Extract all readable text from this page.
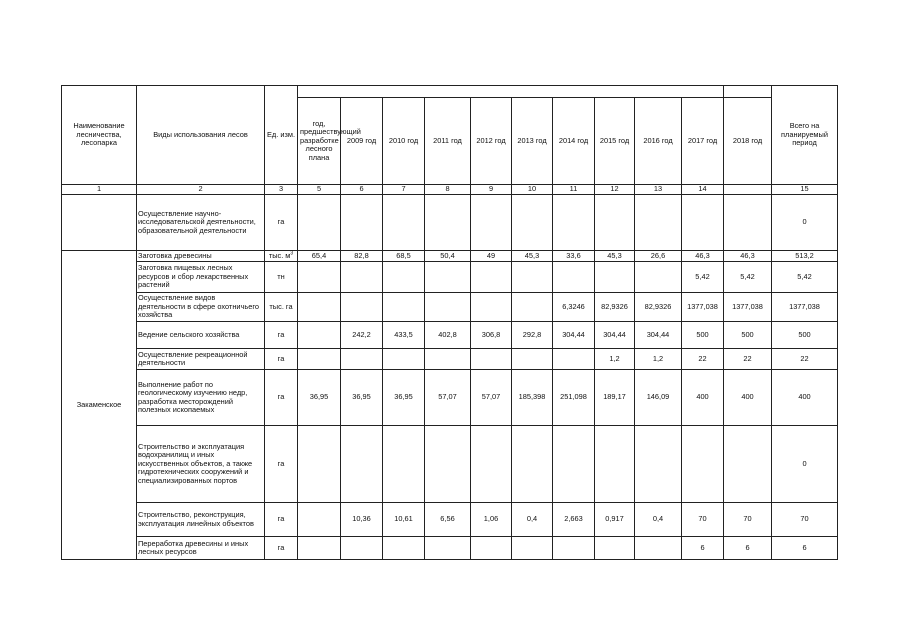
Наименование лесничества, лесопарка	Виды использования лесов	Ед. изм.												Всего на планируемый период
			год, предшествующий разработке лесного плана	2009 год	2010 год	2011 год	2012 год	2013 год	2014 год	2015 год	2016 год	2017 год	2018 год	
1	2	3	5	6	7	8	9	10	11	12	13	14		15
	Осуществление научно-исследовательской деятельности, образовательной деятельности	га												0
Закаменское	Заготовка древесины	тыс. $м^3$	65,4	82,8	68,5	50,4	49	45,3	33,6	45,3	26,6	46,3	46,3	513,2
	Заготовка пищевых лесных ресурсов и сбор лекарственных растений	тн										5,42	5,42	5,42
	Осуществление видов деятельности в сфере охотничьего хозяйства	тыс. га							6,3246	82,9326	82,9326	1377,038	1377,038	1377,038
	Ведение сельского хозяйства	га		242,2	433,5	402,8	306,8	292,8	304,44	304,44	304,44	500	500	500
	Осуществление рекреационной деятельности	га								1,2	1,2	22	22	22
	Выполнение работ по геологическому изучению недр, разработка месторождений полезных ископаемых	га	36,95	36,95	36,95	57,07	57,07	185,398	251,098	189,17	146,09	400	400	400
	Строительство и эксплуатация водохранилищ и иных искусственных объектов, а также гидротехнических сооружений и специализированных портов	га												0
	Строительство, реконструкция, эксплуатация линейных объектов	га		10,36	10,61	6,56	1,06	0,4	2,663	0,917	0,4	70	70	70
	Переработка древесины и иных лесных ресурсов	га										6	6	6
